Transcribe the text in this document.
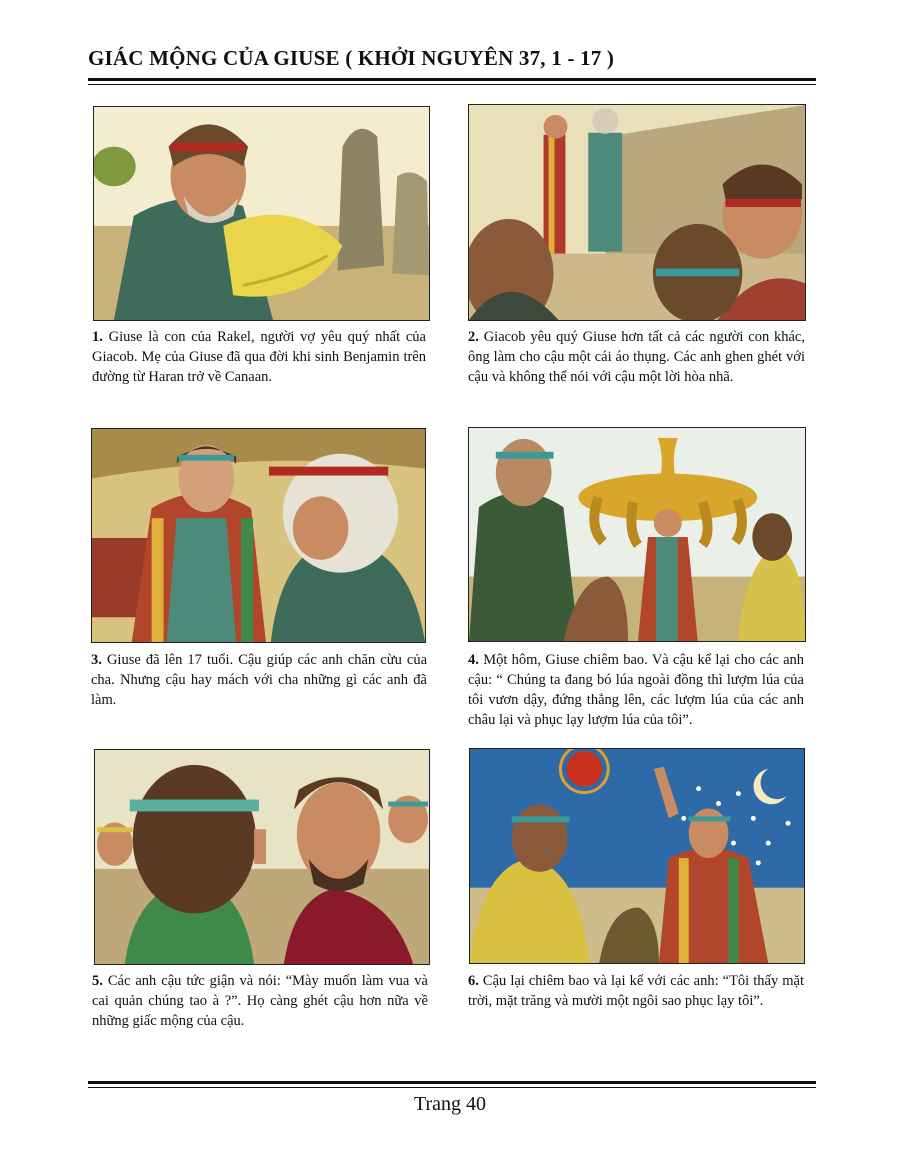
GIÁC MỘNG CỦA GIUSE ( KHỞI NGUYÊN 37, 1 - 17 )
1. Giuse là con của Rakel, người vợ yêu quý nhất của Giacob. Mẹ của Giuse đã qua đời khi sinh Benjamin trên đường từ Haran trở về Canaan.
2. Giacob yêu quý Giuse hơn tất cả các người con khác, ông làm cho cậu một cái áo thụng. Các anh ghen ghét với cậu và không thể nói với cậu một lời hòa nhã.
3. Giuse đã lên 17 tuổi. Cậu giúp các anh chăn cừu của cha. Nhưng cậu hay mách với cha những gì các anh đã làm.
4. Một hôm, Giuse chiêm bao. Và cậu kể lại cho các anh cậu: “ Chúng ta đang bó lúa ngoài đồng thì lượm lúa của tôi vươn dậy, đứng thẳng lên, các lượm lúa của các anh châu lại và phục lạy lượm lúa của tôi”.
5. Các anh cậu tức giận và nói: “Mày muốn làm vua và cai quản chúng tao à ?”. Họ càng ghét cậu hơn nữa về những giấc mộng của cậu.
6. Cậu lại chiêm bao và lại kể với các anh: “Tôi thấy mặt trời, mặt trăng và mười một ngôi sao phục lạy tôi”.
Trang 40
